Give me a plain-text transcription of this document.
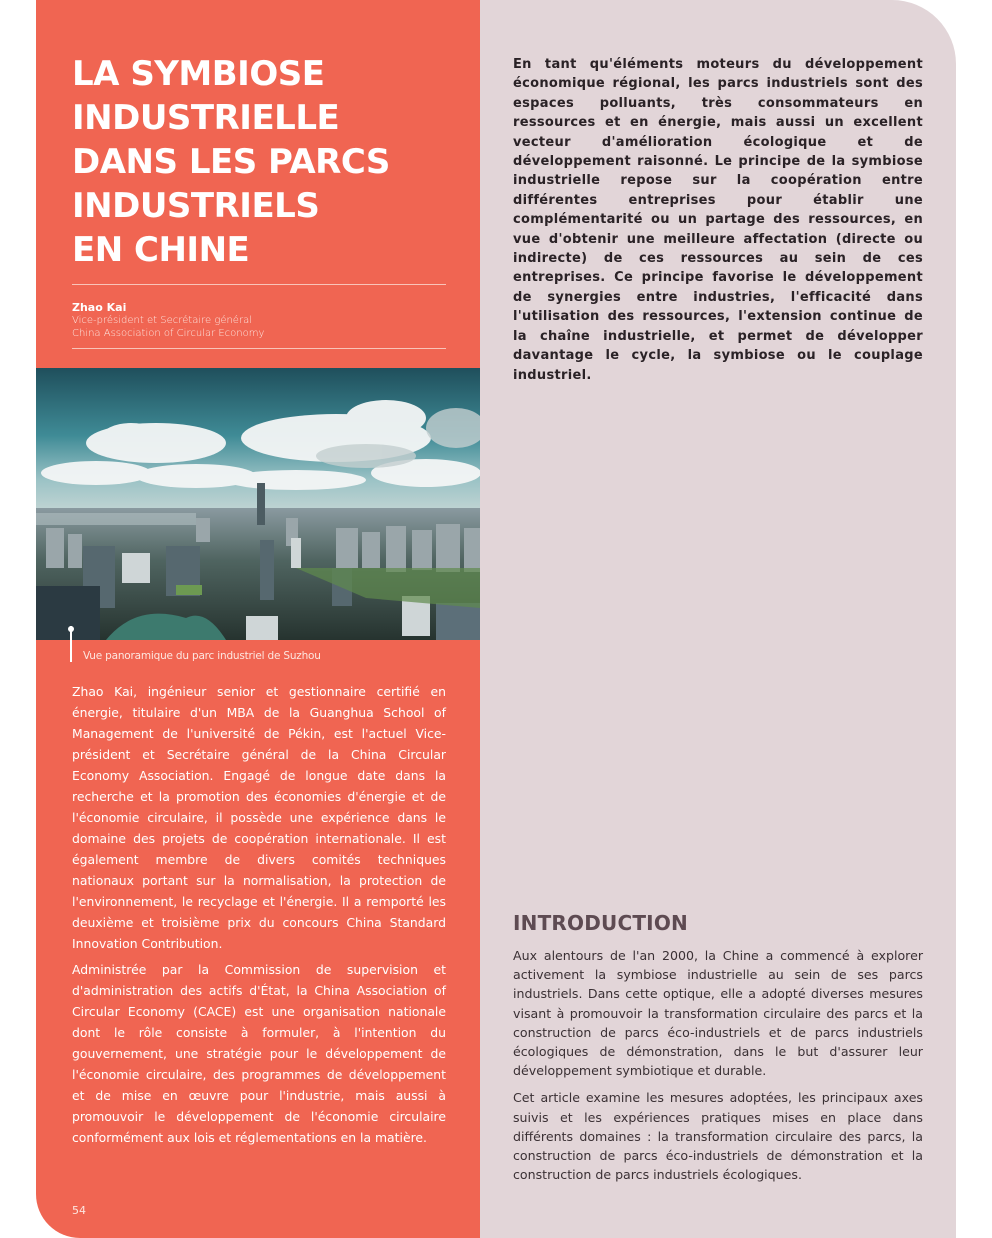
LA SYMBIOSE
INDUSTRIELLE
DANS LES PARCS
INDUSTRIELS
EN CHINE
Zhao Kai
Vice-président et Secrétaire général
China Association of Circular Economy
Vue panoramique du parc industriel de Suzhou

Zhao Kai, ingénieur senior et gestionnaire certifié en énergie, titulaire d'un MBA de la Guanghua School of Management de l'université de Pékin, est l'actuel Vice-président et Secrétaire général de la China Circular Economy Association. Engagé de longue date dans la recherche et la promotion des économies d'énergie et de l'économie circulaire, il possède une expérience dans le domaine des projets de coopération internationale. Il est également membre de divers comités techniques nationaux portant sur la normalisation, la protection de l'environnement, le recyclage et l'énergie. Il a remporté les deuxième et troisième prix du concours China Standard Innovation Contribution.

Administrée par la Commission de supervision et d'administration des actifs d'État, la China Association of Circular Economy (CACE) est une organisation nationale dont le rôle consiste à formuler, à l'intention du gouvernement, une stratégie pour le développement de l'économie circulaire, des programmes de développement et de mise en œuvre pour l'industrie, mais aussi à promouvoir le développement de l'économie circulaire conformément aux lois et réglementations en la matière.

54

En tant qu'éléments moteurs du développement économique régional, les parcs industriels sont des espaces polluants, très consommateurs en ressources et en énergie, mais aussi un excellent vecteur d'amélioration écologique et de développement raisonné. Le principe de la symbiose industrielle repose sur la coopération entre différentes entreprises pour établir une complémentarité ou un partage des ressources, en vue d'obtenir une meilleure affectation (directe ou indirecte) de ces ressources au sein de ces entreprises. Ce principe favorise le développement de synergies entre industries, l'efficacité dans l'utilisation des ressources, l'extension continue de la chaîne industrielle, et permet de développer davantage le cycle, la symbiose ou le couplage industriel.

INTRODUCTION

Aux alentours de l'an 2000, la Chine a commencé à explorer activement la symbiose industrielle au sein de ses parcs industriels. Dans cette optique, elle a adopté diverses mesures visant à promouvoir la transformation circulaire des parcs et la construction de parcs éco-industriels et de parcs industriels écologiques de démonstration, dans le but d'assurer leur développement symbiotique et durable.

Cet article examine les mesures adoptées, les principaux axes suivis et les expériences pratiques mises en place dans différents domaines : la transformation circulaire des parcs, la construction de parcs éco-industriels de démonstration et la construction de parcs industriels écologiques.
